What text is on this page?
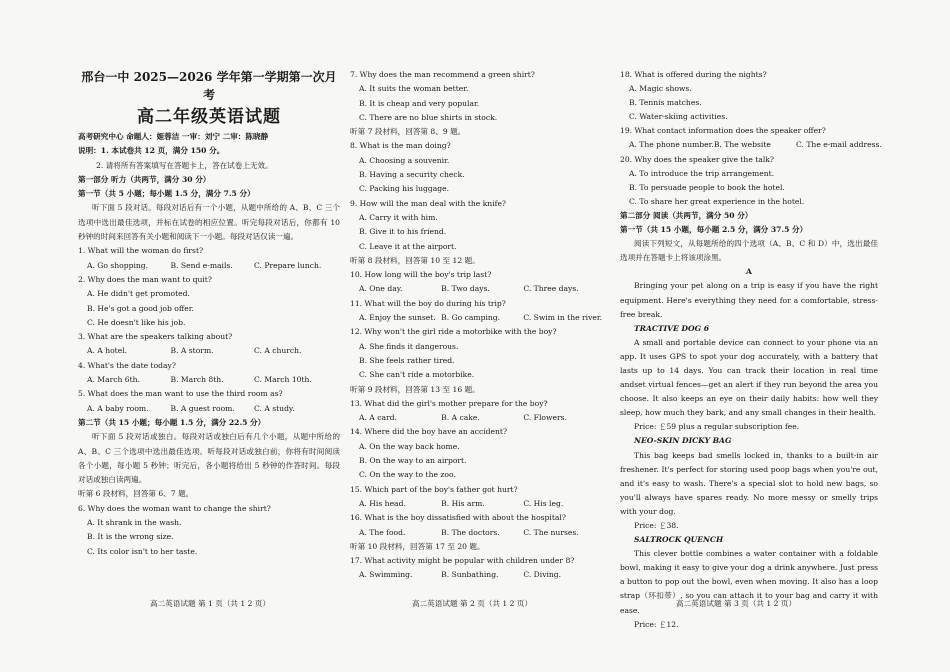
邢台一中 2025—2026 学年第一学期第一次月考
高二年级英语试题
高考研究中心 命题人：姬蓉洁 一审：刘宁 二审：陈晓静
说明：1. 本试卷共 12 页，满分 150 分。
2. 请将所有答案填写在答题卡上，答在试卷上无效。
第一部分 听力（共两节，满分 30 分）
第一节（共 5 小题；每小题 1.5 分，满分 7.5 分）
听下面 5 段对话。每段对话后有一个小题，从题中所给的 A、B、C 三个选项中选出最佳选项，并标在试卷的相应位置。听完每段对话后，你都有 10 秒钟的时间来回答有关小题和阅读下一小题。每段对话仅读一遍。
1. What will the woman do first?
A. Go shopping.	B. Send e-mails.	C. Prepare lunch.
2. Why does the man want to quit?
A. He didn't get promoted.
B. He's got a good job offer.
C. He doesn't like his job.
3. What are the speakers talking about?
A. A hotel.	B. A storm.	C. A church.
4. What's the date today?
A. March 6th.	B. March 8th.	C. March 10th.
5. What does the man want to use the third room as?
A. A baby room.	B. A guest room.	C. A study.
第二节（共 15 小题；每小题 1.5 分，满分 22.5 分）
听下面 5 段对话或独白。每段对话或独白后有几个小题，从题中所给的 A、B、C 三个选项中选出最佳选项。听每段对话或独白前，你将有时间阅读各个小题，每小题 5 秒钟；听完后，各小题将给出 5 秒钟的作答时间。每段对话或独白读两遍。
听第 6 段材料，回答第 6、7 题。
6. Why does the woman want to change the shirt?
A. It shrank in the wash.
B. It is the wrong size.
C. Its color isn't to her taste.
7. Why does the man recommend a green shirt?
A. It suits the woman better.
B. It is cheap and very popular.
C. There are no blue shirts in stock.
听第 7 段材料，回答第 8、9 题。
8. What is the man doing?
A. Choosing a souvenir.
B. Having a security check.
C. Packing his luggage.
9. How will the man deal with the knife?
A. Carry it with him.
B. Give it to his friend.
C. Leave it at the airport.
听第 8 段材料，回答第 10 至 12 题。
10. How long will the boy's trip last?
A. One day.	B. Two days.	C. Three days.
11. What will the boy do during his trip?
A. Enjoy the sunset. B. Go camping.	C. Swim in the river.
12. Why won't the girl ride a motorbike with the boy?
A. She finds it dangerous.
B. She feels rather tired.
C. She can't ride a motorbike.
听第 9 段材料，回答第 13 至 16 题。
13. What did the girl's mother prepare for the boy?
A. A card.	B. A cake.	C. Flowers.
14. Where did the boy have an accident?
A. On the way back home.
B. On the way to an airport.
C. On the way to the zoo.
15. Which part of the boy's father got hurt?
A. His head.	B. His arm.	C. His leg.
16. What is the boy dissatisfied with about the hospital?
A. The food.	B. The doctors.	C. The nurses.
听第 10 段材料，回答第 17 至 20 题。
17. What activity might be popular with children under 8?
A. Swimming.	B. Sunbathing.	C. Diving.
18. What is offered during the nights?
A. Magic shows.
B. Tennis matches.
C. Water-skiing activities.
19. What contact information does the speaker offer?
A. The phone number. B. The website	C. The e-mail address.
20. Why does the speaker give the talk?
A. To introduce the trip arrangement.
B. To persuade people to book the hotel.
C. To share her great experience in the hotel.
第二部分 阅读（共两节，满分 50 分）
第一节（共 15 小题，每小题 2.5 分，满分 37.5 分）
阅读下列短文，从每题所给的四个选项（A、B、C 和 D）中，选出最佳选项并在答题卡上将该项涂黑。
A
Bringing your pet along on a trip is easy if you have the right equipment. Here's everything they need for a comfortable, stress-free break.
TRACTIVE DOG 6
A small and portable device can connect to your phone via an app. It uses GPS to spot your dog accurately, with a battery that lasts up to 14 days. You can track their location in real time andset virtual fences—get an alert if they run beyond the area you choose. It also keeps an eye on their daily habits: how well they sleep, how much they bark, and any small changes in their health.
Price: ￡59 plus a regular subscription fee.
NEO-SKIN DICKY BAG
This bag keeps bad smells locked in, thanks to a built-in air freshener. It's perfect for storing used poop bags when you're out, and it's easy to wash. There's a special slot to hold new bags, so you'll always have spares ready. No more messy or smelly trips with your dog.
Price: ￡38.
SALTROCK QUENCH
This clever bottle combines a water container with a foldable bowl, making it easy to give your dog a drink anywhere. Just press a button to pop out the bowl, even when moving. It also has a loop strap（环扣带）, so you can attach it to your bag and carry it with ease.
Price: ￡12.
高二英语试题 第 1 页（共 1 2 页）	高二英语试题 第 2 页（共 1 2 页）	高二英语试题 第 3 页（共 1 2 页）
